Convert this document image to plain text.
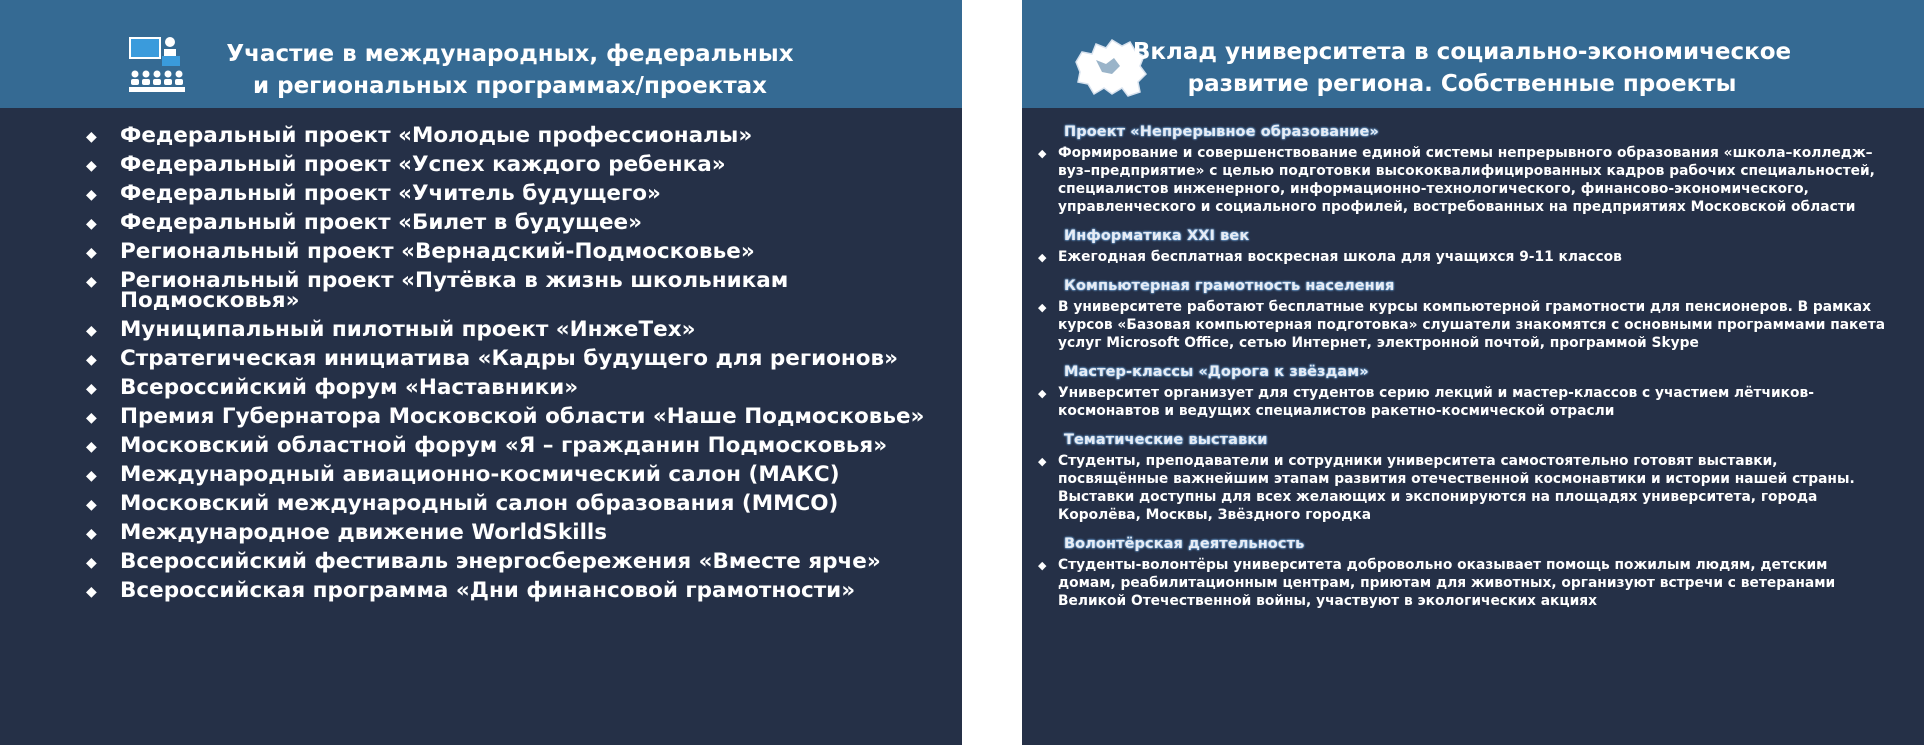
Участие в международных, федеральных
и региональных программах/проектах
◆ Федеральный проект «Молодые профессионалы»
◆ Федеральный проект «Успех каждого ребенка»
◆ Федеральный проект «Учитель будущего»
◆ Федеральный проект «Билет в будущее»
◆ Региональный проект «Вернадский-Подмосковье»
◆ Региональный проект «Путёвка в жизнь школьникам Подмосковья»
◆ Муниципальный пилотный проект «ИнжеТех»
◆ Стратегическая инициатива «Кадры будущего для регионов»
◆ Всероссийский форум «Наставники»
◆ Премия Губернатора Московской области «Наше Подмосковье»
◆ Московский областной форум «Я – гражданин Подмосковья»
◆ Международный авиационно-космический салон (МАКС)
◆ Московский международный салон образования (ММСО)
◆ Международное движение WorldSkills
◆ Всероссийский фестиваль энергосбережения «Вместе ярче»
◆ Всероссийская программа «Дни финансовой грамотности»
Вклад университета в социально-экономическое
развитие региона. Собственные проекты
Проект «Непрерывное образование»
◆ Формирование и совершенствование единой системы непрерывного образования «школа–колледж–вуз–предприятие» с целью подготовки высококвалифицированных кадров рабочих специальностей, специалистов инженерного, информационно-технологического, финансово-экономического, управленческого и социального профилей, востребованных на предприятиях Московской области
Информатика XXI век
◆ Ежегодная бесплатная воскресная школа для учащихся 9-11 классов
Компьютерная грамотность населения
◆ В университете работают бесплатные курсы компьютерной грамотности для пенсионеров. В рамках курсов «Базовая компьютерная подготовка» слушатели знакомятся с основными программами пакета услуг Microsoft Office, сетью Интернет, электронной почтой, программой Skype
Мастер-классы «Дорога к звёздам»
◆ Университет организует для студентов серию лекций и мастер-классов с участием лётчиков-космонавтов и ведущих специалистов ракетно-космической отрасли
Тематические выставки
◆ Студенты, преподаватели и сотрудники университета самостоятельно готовят выставки, посвящённые важнейшим этапам развития отечественной космонавтики и истории нашей страны. Выставки доступны для всех желающих и экспонируются на площадях университета, города Королёва, Москвы, Звёздного городка
Волонтёрская деятельность
◆ Студенты-волонтёры университета добровольно оказывает помощь пожилым людям, детским домам, реабилитационным центрам, приютам для животных, организуют встречи с ветеранами Великой Отечественной войны, участвуют в экологических акциях
